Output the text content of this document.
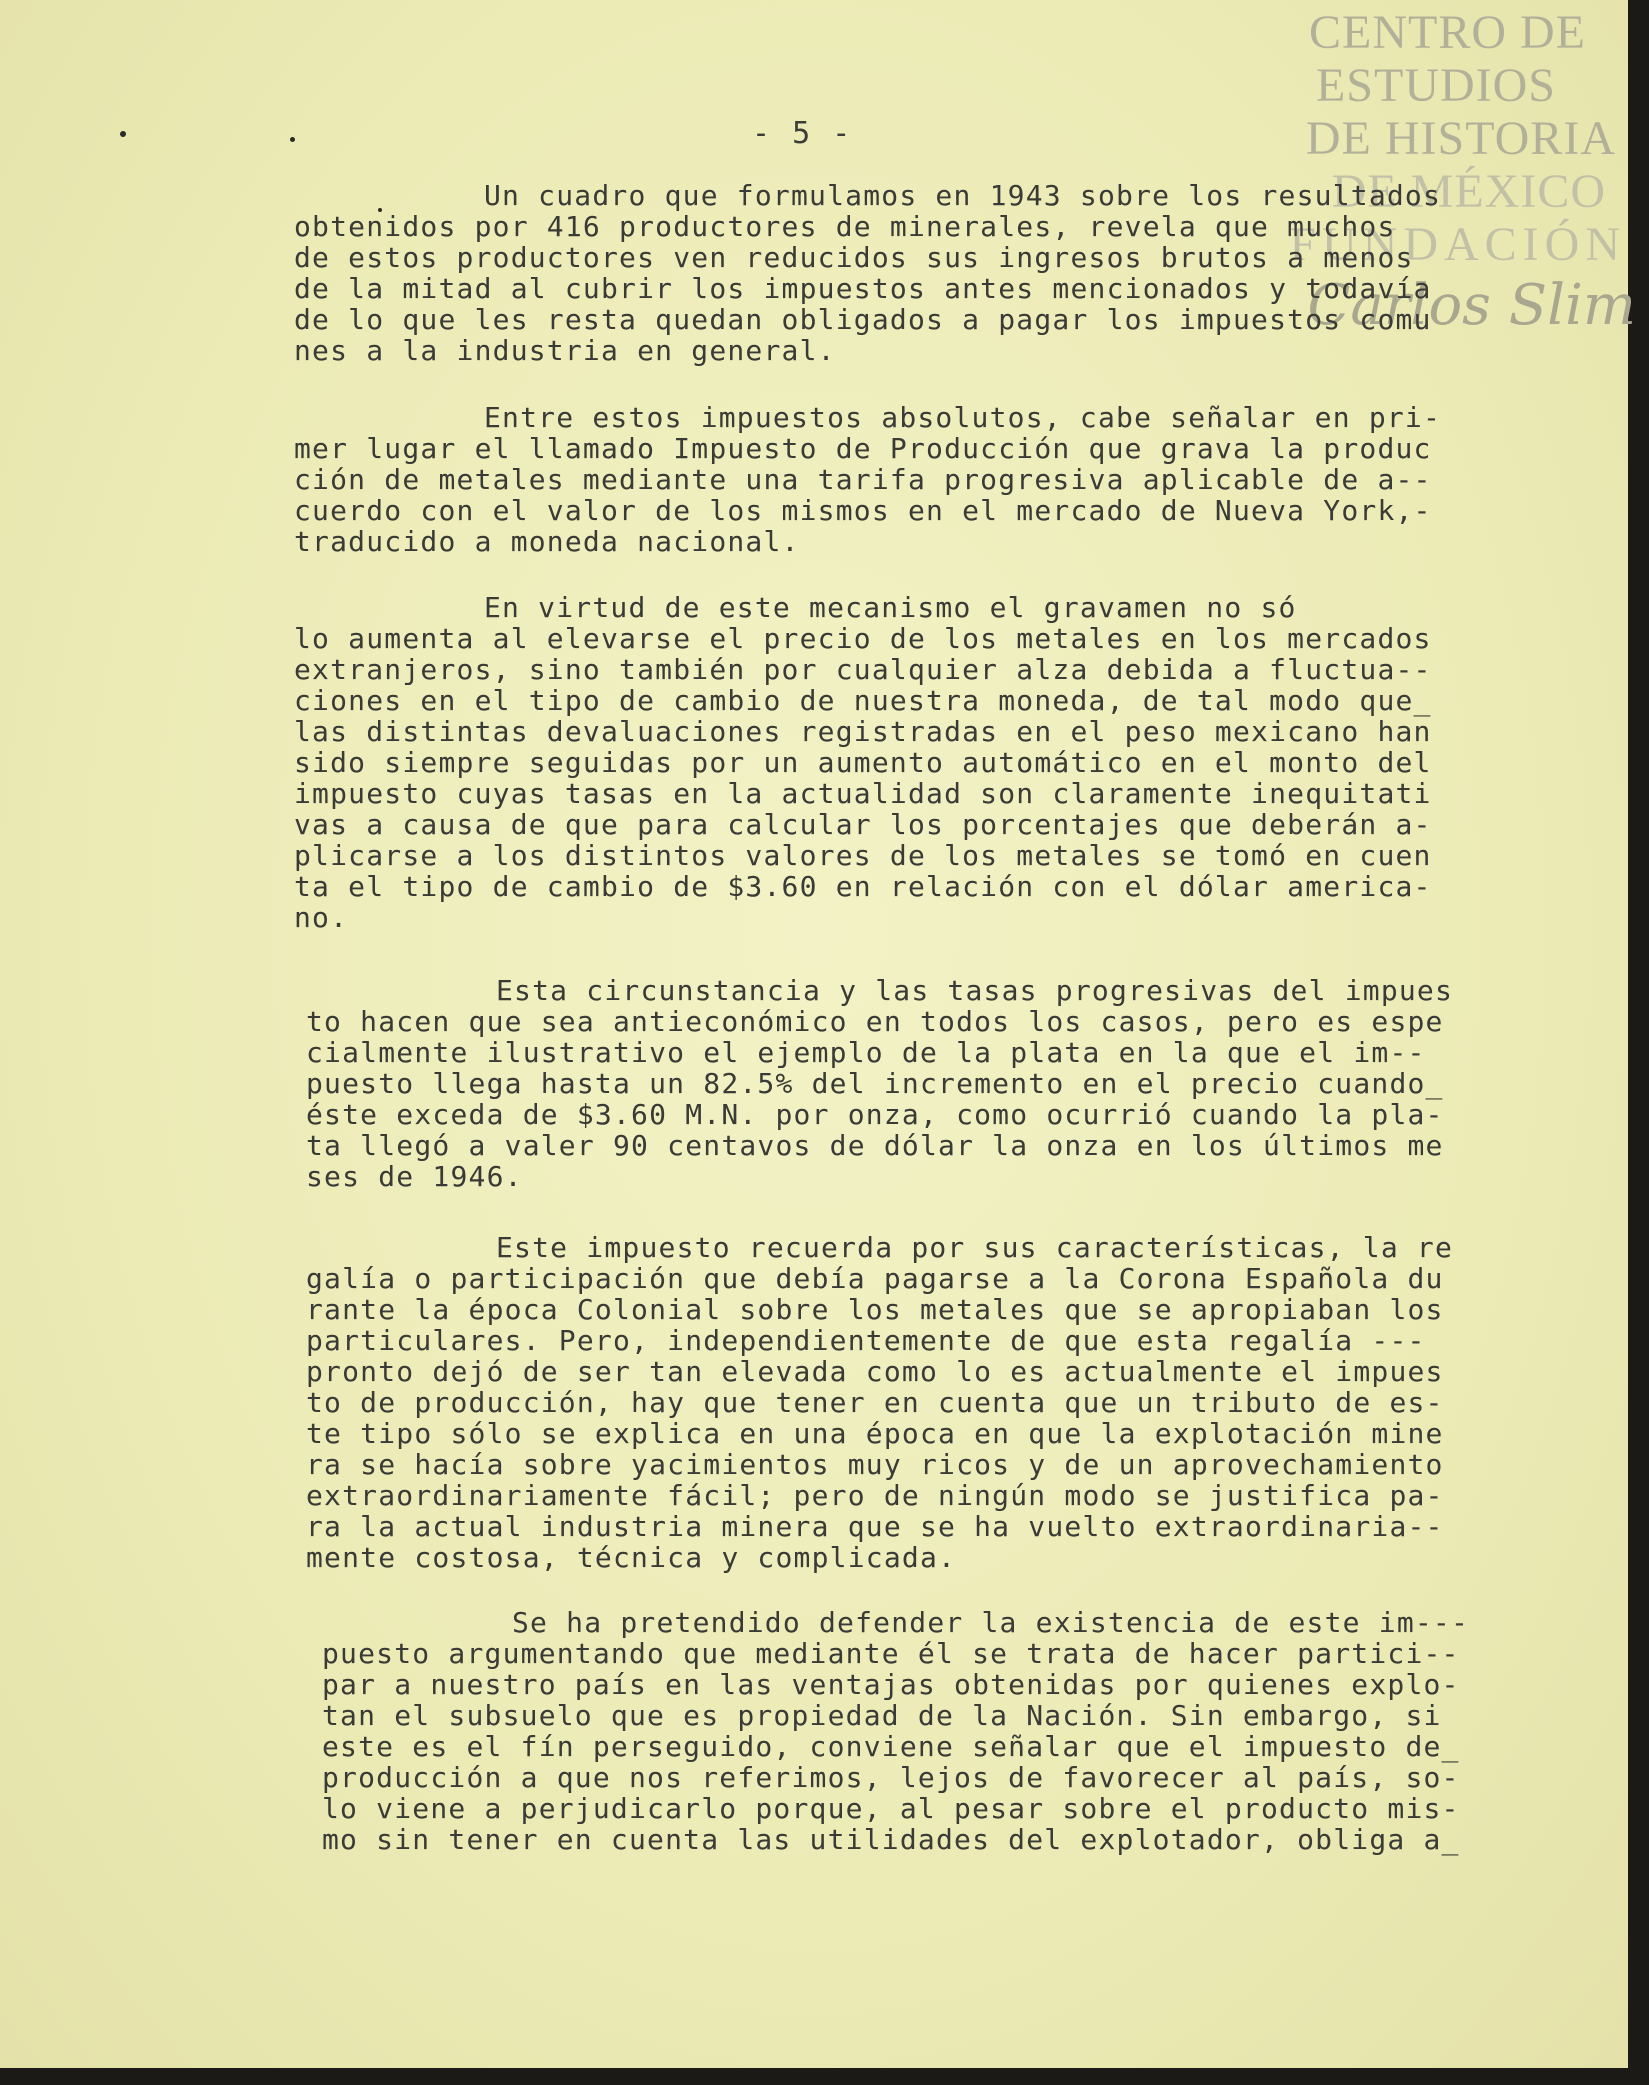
- 5 -
CENTRO DE
ESTUDIOS
DE HISTORIA
DE MÉXICO
FUNDACIÓN
Carlos Slim
Un cuadro que formulamos en 1943 sobre los resultados
obtenidos por 416 productores de minerales, revela que muchos
de estos productores ven reducidos sus ingresos brutos a menos
de la mitad al cubrir los impuestos antes mencionados y todavía
de lo que les resta quedan obligados a pagar los impuestos comu
nes a la industria en general.
Entre estos impuestos absolutos, cabe señalar en pri-
mer lugar el llamado Impuesto de Producción que grava la produc
ción de metales mediante una tarifa progresiva aplicable de a--
cuerdo con el valor de los mismos en el mercado de Nueva York,-
traducido a moneda nacional.
En virtud de este mecanismo el gravamen no só
lo aumenta al elevarse el precio de los metales en los mercados
extranjeros, sino también por cualquier alza debida a fluctua--
ciones en el tipo de cambio de nuestra moneda, de tal modo que_
las distintas devaluaciones registradas en el peso mexicano han
sido siempre seguidas por un aumento automático en el monto del
impuesto cuyas tasas en la actualidad son claramente inequitati
vas a causa de que para calcular los porcentajes que deberán a-
plicarse a los distintos valores de los metales se tomó en cuen
ta el tipo de cambio de $3.60 en relación con el dólar america-
no.
Esta circunstancia y las tasas progresivas del impues
to hacen que sea antieconómico en todos los casos, pero es espe
cialmente ilustrativo el ejemplo de la plata en la que el im--
puesto llega hasta un 82.5% del incremento en el precio cuando_
éste exceda de $3.60 M.N. por onza, como ocurrió cuando la pla-
ta llegó a valer 90 centavos de dólar la onza en los últimos me
ses de 1946.
Este impuesto recuerda por sus características, la re
galía o participación que debía pagarse a la Corona Española du
rante la época Colonial sobre los metales que se apropiaban los
particulares. Pero, independientemente de que esta regalía ---
pronto dejó de ser tan elevada como lo es actualmente el impues
to de producción, hay que tener en cuenta que un tributo de es-
te tipo sólo se explica en una época en que la explotación mine
ra se hacía sobre yacimientos muy ricos y de un aprovechamiento
extraordinariamente fácil; pero de ningún modo se justifica pa-
ra la actual industria minera que se ha vuelto extraordinaria--
mente costosa, técnica y complicada.
Se ha pretendido defender la existencia de este im---
puesto argumentando que mediante él se trata de hacer partici--
par a nuestro país en las ventajas obtenidas por quienes explo-
tan el subsuelo que es propiedad de la Nación. Sin embargo, si
este es el fín perseguido, conviene señalar que el impuesto de_
producción a que nos referimos, lejos de favorecer al país, so-
lo viene a perjudicarlo porque, al pesar sobre el producto mis-
mo sin tener en cuenta las utilidades del explotador, obliga a_
